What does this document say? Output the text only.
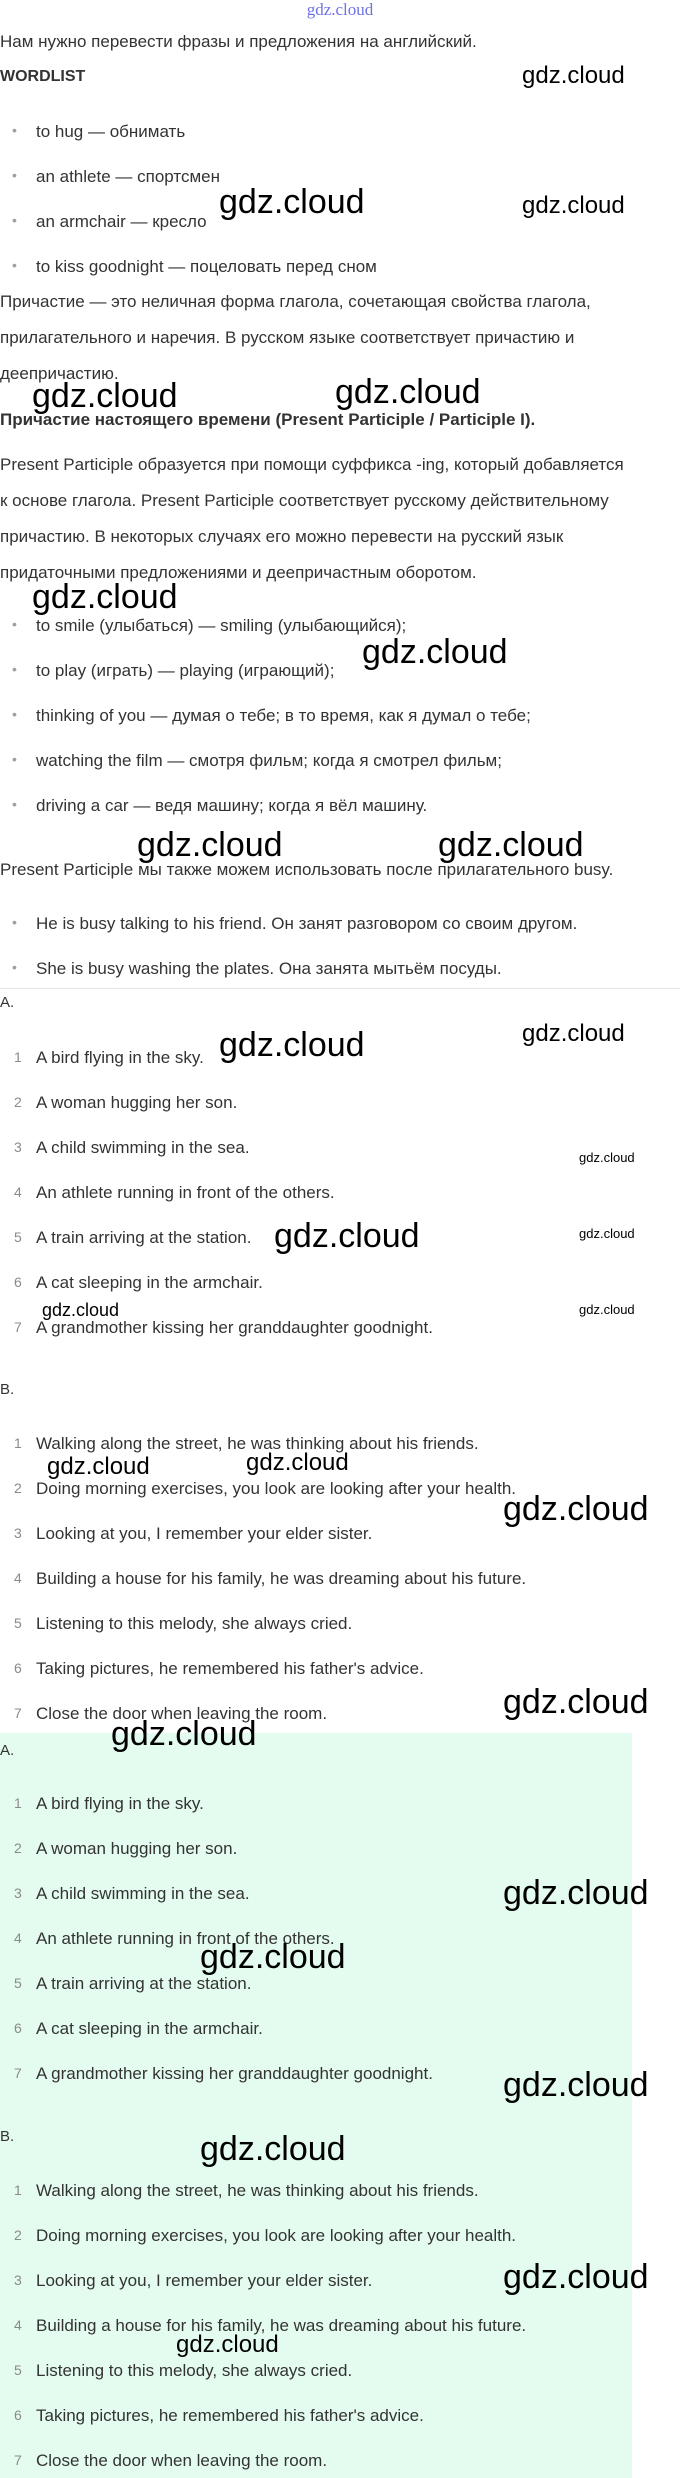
gdz.cloud

Нам нужно перевести фразы и предложения на английский.

WORDLIST

• to hug — обнимать
• an athlete — спортсмен
• an armchair — кресло
• to kiss goodnight — поцеловать перед сном

Причастие — это неличная форма глагола, сочетающая свойства глагола,

прилагательного и наречия. В русском языке соответствует причастию и

деепричастию.

Причастие настоящего времени (Present Participle / Participle I).

Present Participle образуется при помощи суффикса -ing, который добавляется

к основе глагола. Present Participle соответствует русскому действительному

причастию. В некоторых случаях его можно перевести на русский язык

придаточными предложениями и деепричастным оборотом.

• to smile (улыбаться) — smiling (улыбающийся);
• to play (играть) — playing (играющий);
• thinking of you — думая о тебе; в то время, как я думал о тебе;
• watching the film — смотря фильм; когда я смотрел фильм;
• driving a car — ведя машину; когда я вёл машину.

Present Participle мы также можем использовать после прилагательного busy.

• He is busy talking to his friend. Он занят разговором со своим другом.
• She is busy washing the plates. Она занята мытьём посуды.
A.
1 A bird flying in the sky.
2 A woman hugging her son.
3 A child swimming in the sea.
4 An athlete running in front of the others.
5 A train arriving at the station.
6 A cat sleeping in the armchair.
7 A grandmother kissing her granddaughter goodnight.
B.
1 Walking along the street, he was thinking about his friends.
2 Doing morning exercises, you look are looking after your health.
3 Looking at you, I remember your elder sister.
4 Building a house for his family, he was dreaming about his future.
5 Listening to this melody, she always cried.
6 Taking pictures, he remembered his father's advice.
7 Close the door when leaving the room.
A.
1 A bird flying in the sky.
2 A woman hugging her son.
3 A child swimming in the sea.
4 An athlete running in front of the others.
5 A train arriving at the station.
6 A cat sleeping in the armchair.
7 A grandmother kissing her granddaughter goodnight.
B.
1 Walking along the street, he was thinking about his friends.
2 Doing morning exercises, you look are looking after your health.
3 Looking at you, I remember your elder sister.
4 Building a house for his family, he was dreaming about his future.
5 Listening to this melody, she always cried.
6 Taking pictures, he remembered his father's advice.
7 Close the door when leaving the room.
gdz.cloud
gdz.cloud	gdz.cloud
gdz.cloud	gdz.cloud
gdz.cloud
gdz.cloud
gdz.cloud	gdz.cloud
gdz.cloud	gdz.cloud
gdz.cloud
gdz.cloud	gdz.cloud
gdz.cloud	gdz.cloud
gdz.cloud	gdz.cloud
gdz.cloud
gdz.cloud
gdz.cloud
gdz.cloud
gdz.cloud
gdz.cloud
gdz.cloud
gdz.cloud
gdz.cloud
